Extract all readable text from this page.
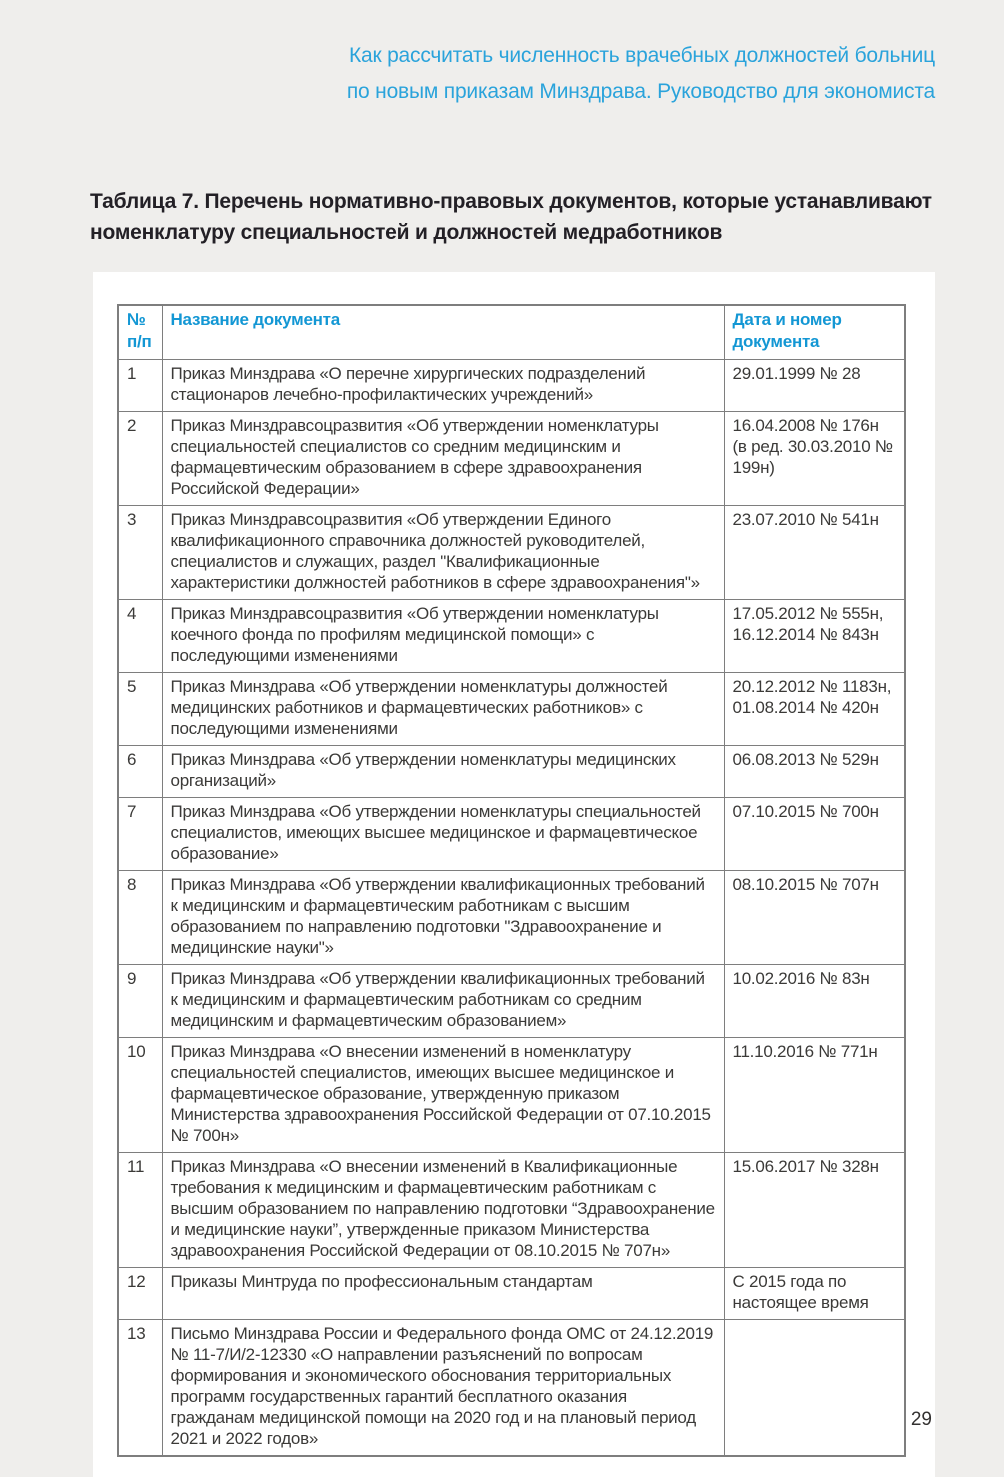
Как рассчитать численность врачебных должностей больниц
по новым приказам Минздрава. Руководство для экономиста
Таблица 7. Перечень нормативно-правовых документов, которые устанавливают номенклатуру специальностей и должностей медработников
№ п/п	Название документа	Дата и номер документа
1	Приказ Минздрава «О перечне хирургических подразделений стационаров лечебно-профилактических учреждений»	29.01.1999 № 28
2	Приказ Минздравсоцразвития «Об утверждении номенклатуры специальностей специалистов со средним медицинским и фармацевтическим образованием в сфере здравоохранения Российской Федерации»	16.04.2008 № 176н (в ред. 30.03.2010 № 199н)
3	Приказ Минздравсоцразвития «Об утверждении Единого квалификационного справочника должностей руководителей, специалистов и служащих, раздел "Квалификационные характеристики должностей работников в сфере здравоохранения"»	23.07.2010 № 541н
4	Приказ Минздравсоцразвития «Об утверждении номенклатуры коечного фонда по профилям медицинской помощи» с последующими изменениями	17.05.2012 № 555н, 16.12.2014 № 843н
5	Приказ Минздрава «Об утверждении номенклатуры должностей медицинских работников и фармацевтических работников» с последующими изменениями	20.12.2012 № 1183н, 01.08.2014 № 420н
6	Приказ Минздрава «Об утверждении номенклатуры медицинских организаций»	06.08.2013 № 529н
7	Приказ Минздрава «Об утверждении номенклатуры специальностей специалистов, имеющих высшее медицинское и фармацевтическое образование»	07.10.2015 № 700н
8	Приказ Минздрава «Об утверждении квалификационных требований к медицинским и фармацевтическим работникам с высшим образованием по направлению подготовки "Здравоохранение и медицинские науки"»	08.10.2015 № 707н
9	Приказ Минздрава «Об утверждении квалификационных требований к медицинским и фармацевтическим работникам со средним медицинским и фармацевтическим образованием»	10.02.2016 № 83н
10	Приказ Минздрава «О внесении изменений в номенклатуру специальностей специалистов, имеющих высшее медицинское и фармацевтическое образование, утвержденную приказом Министерства здравоохранения Российской Федерации от 07.10.2015 № 700н»	11.10.2016 № 771н
11	Приказ Минздрава «О внесении изменений в Квалификационные требования к медицинским и фармацевтическим работникам с высшим образованием по направлению подготовки “Здравоохранение и медицинские науки”, утвержденные приказом Министерства здравоохранения Российской Федерации от 08.10.2015 № 707н»	15.06.2017 № 328н
12	Приказы Минтруда по профессиональным стандартам	С 2015 года по настоящее время
13	Письмо Минздрава России и Федерального фонда ОМС от 24.12.2019 № 11-7/И/2-12330 «О направлении разъяснений по вопросам формирования и экономического обоснования территориальных программ государственных гарантий бесплатного оказания гражданам медицинской помощи на 2020 год и на плановый период 2021 и 2022 годов»	
29
